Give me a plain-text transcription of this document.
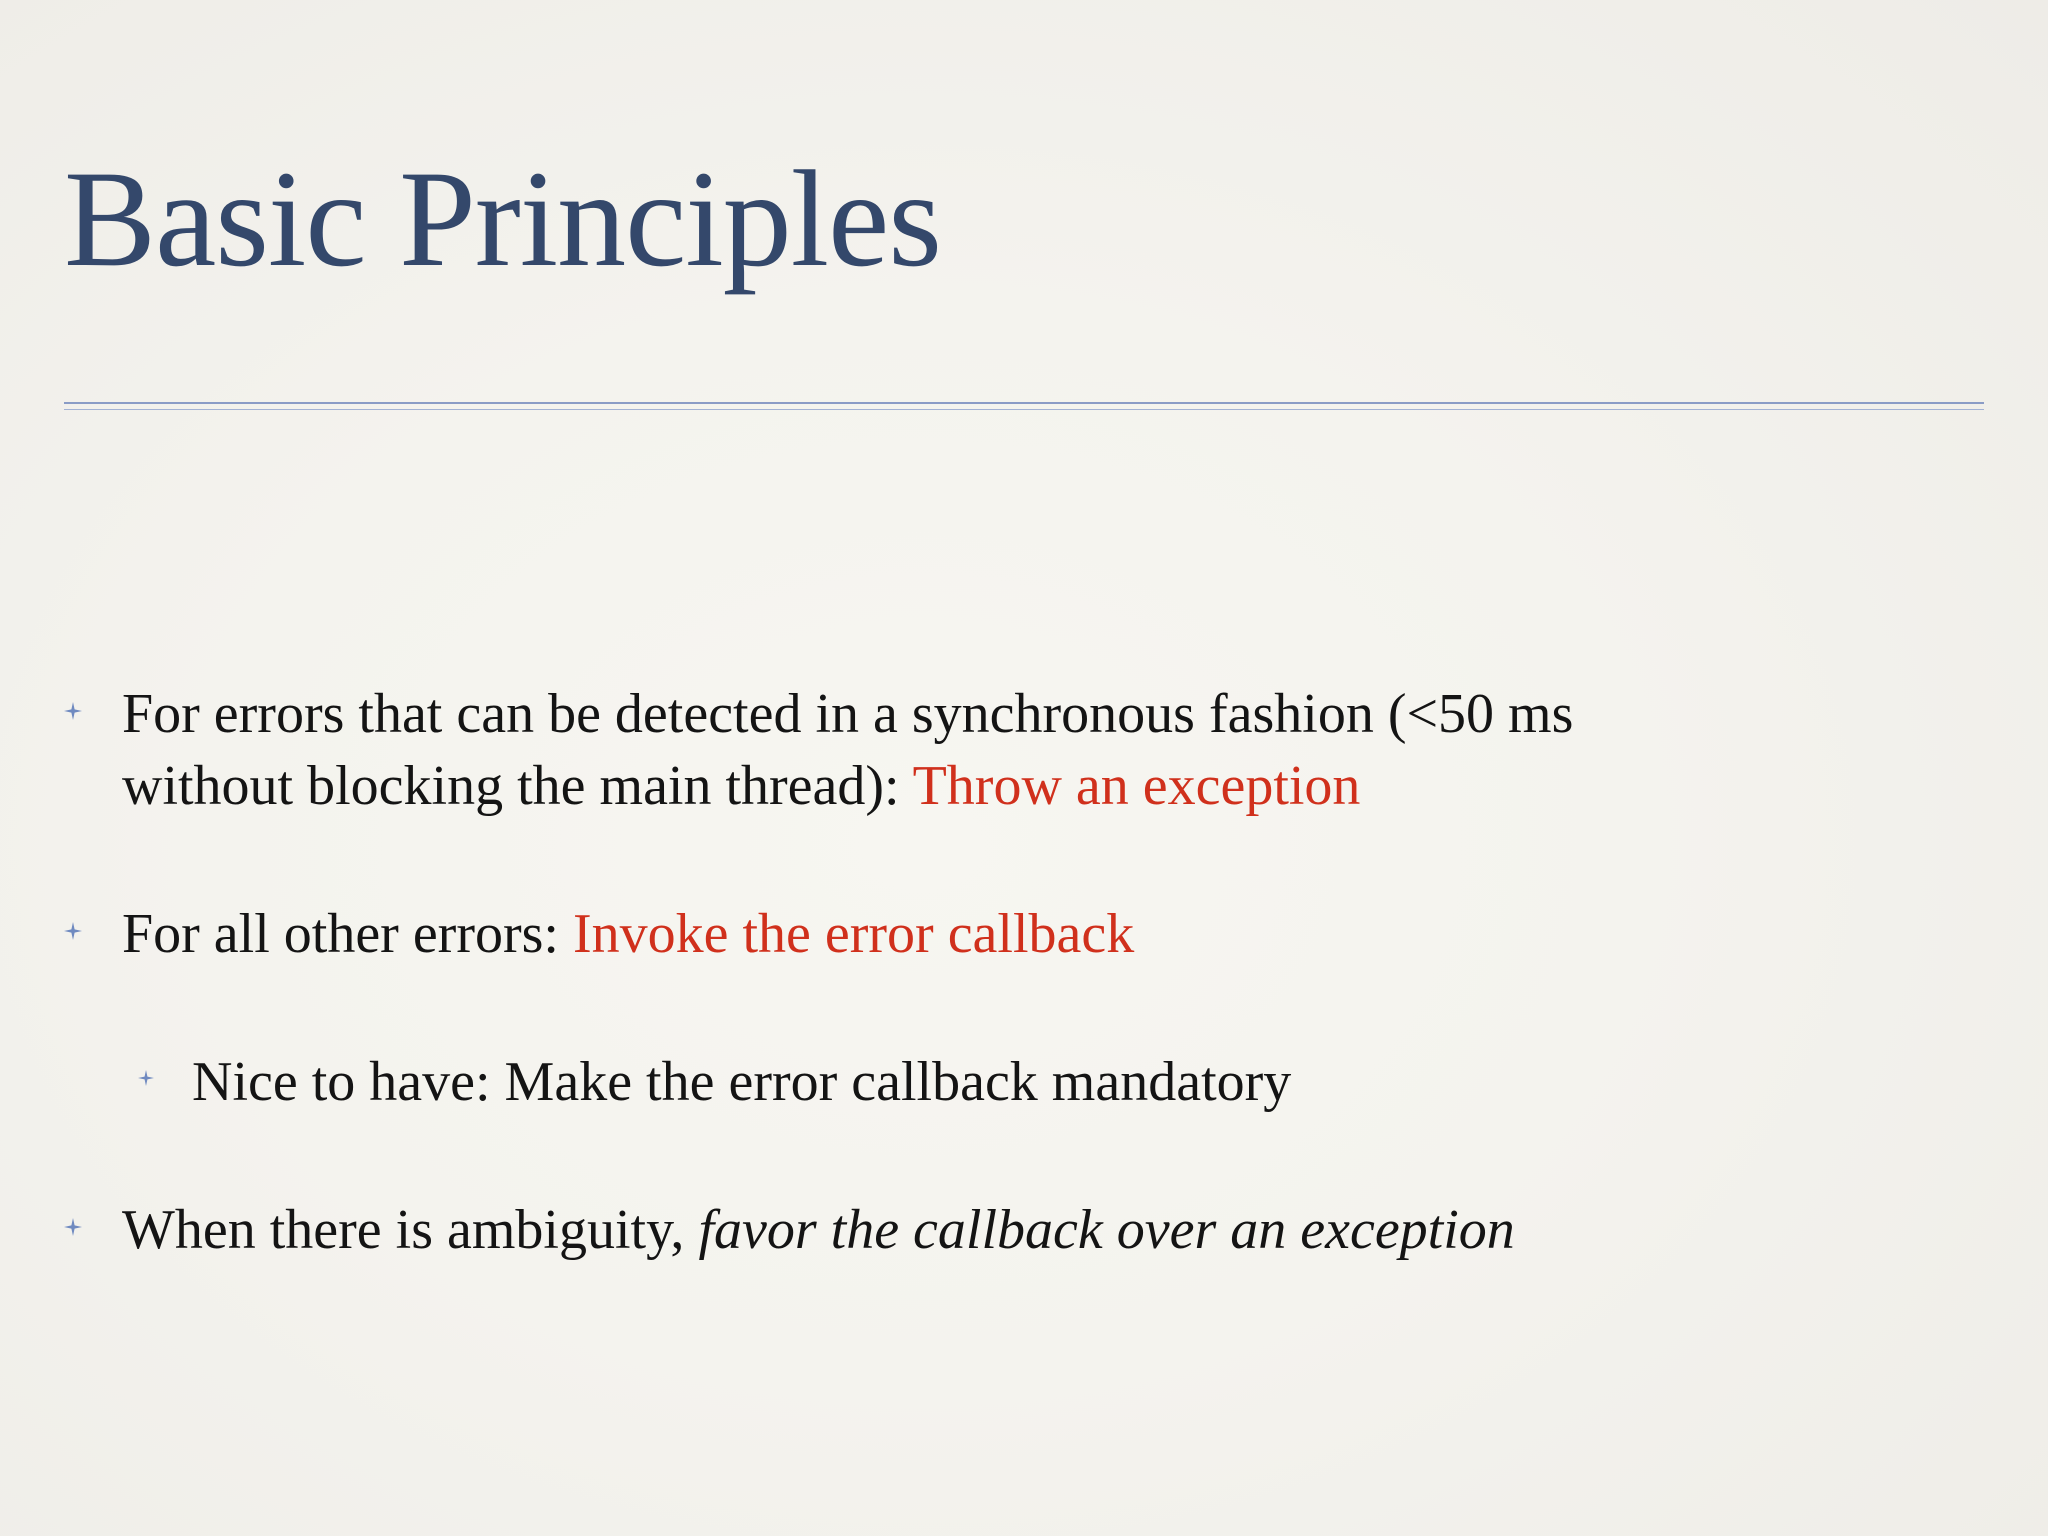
Basic Principles
For errors that can be detected in a synchronous fashion (<50 ms
without blocking the main thread): Throw an exception
For all other errors: Invoke the error callback
Nice to have: Make the error callback mandatory
When there is ambiguity, favor the callback over an exception
